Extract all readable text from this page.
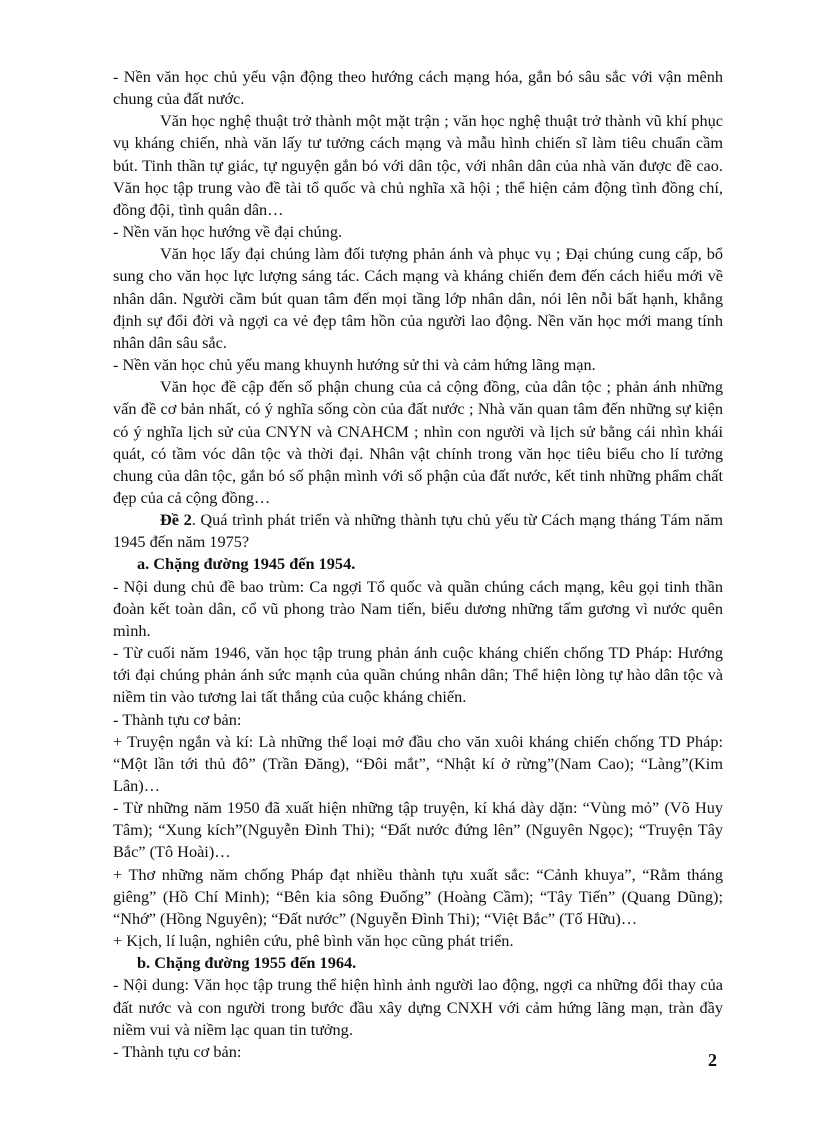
- Nền văn học chủ yếu vận động theo hướng cách mạng hóa, gắn bó sâu sắc với vận mênh chung của đất nước.

Văn học nghệ thuật trở thành một mặt trận ; văn học nghệ thuật trở thành vũ khí phục vụ kháng chiến, nhà văn lấy tư tưởng cách mạng và mẫu hình chiến sĩ làm tiêu chuẩn cầm bút. Tinh thần tự giác, tự nguyện gắn bó với dân tộc, với nhân dân của nhà văn được đề cao. Văn học tập trung vào đề tài tổ quốc và chủ nghĩa xã hội ; thể hiện cảm động tình đồng chí, đồng đội, tình quân dân…

- Nền văn học hướng về đại chúng.

Văn học lấy đại chúng làm đối tượng phản ánh và phục vụ ; Đại chúng cung cấp, bổ sung cho văn học lực lượng sáng tác. Cách mạng và kháng chiến đem đến cách hiểu mới về nhân dân. Người cầm bút quan tâm đến mọi tầng lớp nhân dân, nói lên nỗi bất hạnh, khẳng định sự đổi đời và ngợi ca vẻ đẹp tâm hồn của người lao động. Nền văn học mới mang tính nhân dân sâu sắc.

- Nền văn học chủ yếu mang khuynh hướng sử thi và cảm hứng lãng mạn.

Văn học đề cập đến số phận chung của cả cộng đồng, của dân tộc ; phản ánh những vấn đề cơ bản nhất, có ý nghĩa sống còn của đất nước ; Nhà văn quan tâm đến những sự kiện có ý nghĩa lịch sử của CNYN và CNAHCM ; nhìn con người và lịch sử bằng cái nhìn khái quát, có tầm vóc dân tộc và thời đại. Nhân vật chính trong văn học tiêu biểu cho lí tưởng chung của dân tộc, gắn bó số phận mình với số phận của đất nước, kết tinh những phẩm chất đẹp của cả cộng đồng…

Đề 2. Quá trình phát triển và những thành tựu chủ yếu từ Cách mạng tháng Tám năm 1945 đến năm 1975?

a. Chặng đường 1945 đến 1954.

- Nội dung chủ đề bao trùm: Ca ngợi Tổ quốc và quần chúng cách mạng, kêu gọi tinh thần đoàn kết toàn dân, cổ vũ phong trào Nam tiến, biểu dương những tấm gương vì nước quên mình.

- Từ cuối năm 1946, văn học tập trung phản ánh cuộc kháng chiến chống TD Pháp: Hướng tới đại chúng phản ánh sức mạnh của quần chúng nhân dân; Thể hiện lòng tự hào dân tộc và niềm tin vào tương lai tất thắng của cuộc kháng chiến.

- Thành tựu cơ bản:

+ Truyện ngắn và kí: Là những thể loại mở đầu cho văn xuôi kháng chiến chống TD Pháp: “Một lần tới thủ đô” (Trần Đăng), “Đôi mắt”, “Nhật kí ở rừng”(Nam Cao); “Làng”(Kim Lân)…

- Từ những năm 1950 đã xuất hiện những tập truyện, kí khá dày dặn: “Vùng mỏ” (Võ Huy Tâm); “Xung kích”(Nguyễn Đình Thi); “Đất nước đứng lên” (Nguyên Ngọc); “Truyện Tây Bắc” (Tô Hoài)…

+ Thơ những năm chống Pháp đạt nhiều thành tựu xuất sắc: “Cảnh khuya”, “Rằm tháng giêng” (Hồ Chí Minh); “Bên kia sông Đuống” (Hoàng Cầm); “Tây Tiến” (Quang Dũng); “Nhớ” (Hồng Nguyên); “Đất nước” (Nguyễn Đình Thi); “Việt Bắc” (Tố Hữu)…

+ Kịch, lí luận, nghiên cứu, phê bình văn học cũng phát triển.

b. Chặng đường 1955 đến 1964.

- Nội dung: Văn học tập trung thể hiện hình ảnh người lao động, ngợi ca những đổi thay của đất nước và con người trong bước đầu xây dựng CNXH với cảm hứng lãng mạn, tràn đầy niềm vui và niềm lạc quan tin tưởng.

- Thành tựu cơ bản:	2
